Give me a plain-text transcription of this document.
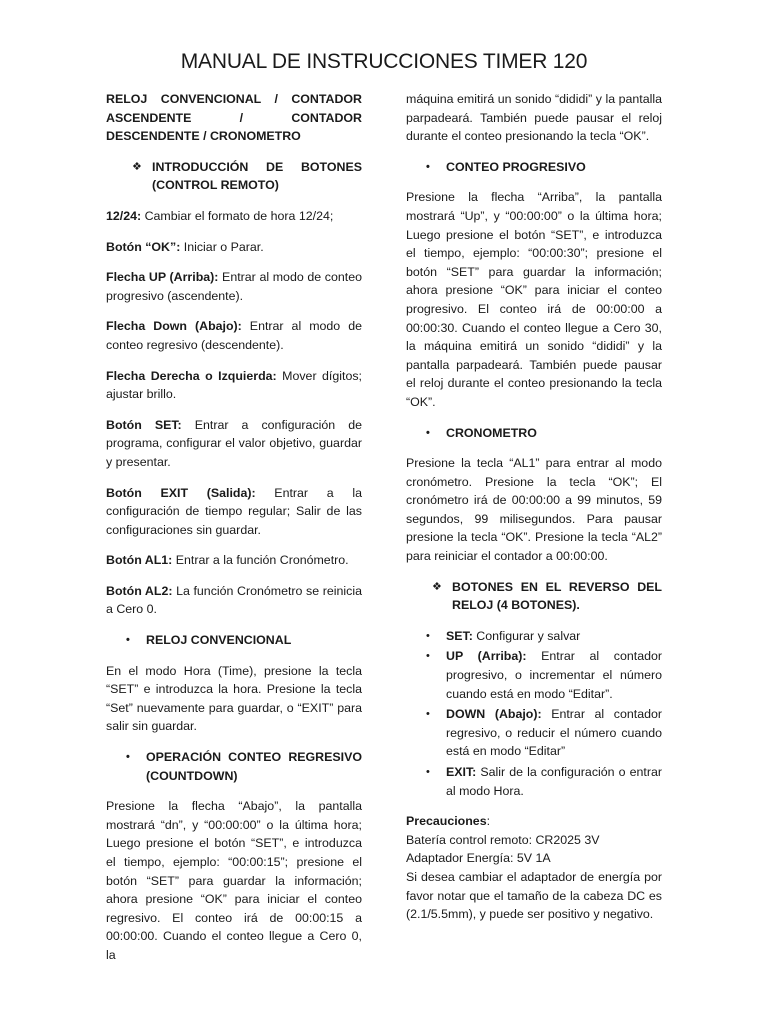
MANUAL DE INSTRUCCIONES TIMER 120
RELOJ CONVENCIONAL / CONTADOR ASCENDENTE / CONTADOR DESCENDENTE / CRONOMETRO
❖ INTRODUCCIÓN DE BOTONES (CONTROL REMOTO)

12/24: Cambiar el formato de hora 12/24;

Botón “OK”: Iniciar o Parar.

Flecha UP (Arriba): Entrar al modo de conteo progresivo (ascendente).

Flecha Down (Abajo): Entrar al modo de conteo regresivo (descendente).

Flecha Derecha o Izquierda: Mover dígitos; ajustar brillo.

Botón SET: Entrar a configuración de programa, configurar el valor objetivo, guardar y presentar.

Botón EXIT (Salida): Entrar a la configuración de tiempo regular; Salir de las configuraciones sin guardar.

Botón AL1: Entrar a la función Cronómetro.

Botón AL2: La función Cronómetro se reinicia a Cero 0.

• RELOJ CONVENCIONAL

En el modo Hora (Time), presione la tecla “SET” e introduzca la hora. Presione la tecla “Set” nuevamente para guardar, o “EXIT” para salir sin guardar.

• OPERACIÓN CONTEO REGRESIVO (COUNTDOWN)

Presione la flecha “Abajo”, la pantalla mostrará “dn”, y “00:00:00” o la última hora; Luego presione el botón “SET”, e introduzca el tiempo, ejemplo: “00:00:15”; presione el botón “SET” para guardar la información; ahora presione “OK” para iniciar el conteo regresivo. El conteo irá de 00:00:15 a 00:00:00. Cuando el conteo llegue a Cero 0, la

máquina emitirá un sonido “dididi” y la pantalla parpadeará. También puede pausar el reloj durante el conteo presionando la tecla “OK”.

• CONTEO PROGRESIVO

Presione la flecha “Arriba”, la pantalla mostrará “Up”, y “00:00:00” o la última hora; Luego presione el botón “SET”, e introduzca el tiempo, ejemplo: “00:00:30”; presione el botón “SET” para guardar la información; ahora presione “OK” para iniciar el conteo progresivo. El conteo irá de 00:00:00 a 00:00:30. Cuando el conteo llegue a Cero 30, la máquina emitirá un sonido “dididi” y la pantalla parpadeará. También puede pausar el reloj durante el conteo presionando la tecla “OK”.

• CRONOMETRO

Presione la tecla “AL1” para entrar al modo cronómetro. Presione la tecla “OK”; El cronómetro irá de 00:00:00 a 99 minutos, 59 segundos, 99 milisegundos. Para pausar presione la tecla “OK”. Presione la tecla “AL2” para reiniciar el contador a 00:00:00.

❖ BOTONES EN EL REVERSO DEL RELOJ (4 BOTONES).
• SET: Configurar y salvar
• UP (Arriba): Entrar al contador progresivo, o incrementar el número cuando está en modo “Editar”.
• DOWN (Abajo): Entrar al contador regresivo, o reducir el número cuando está en modo “Editar”
• EXIT: Salir de la configuración o entrar al modo Hora.
Precauciones:
Batería control remoto: CR2025 3V
Adaptador Energía: 5V 1A
Si desea cambiar el adaptador de energía por favor notar que el tamaño de la cabeza DC es (2.1/5.5mm), y puede ser positivo y negativo.
